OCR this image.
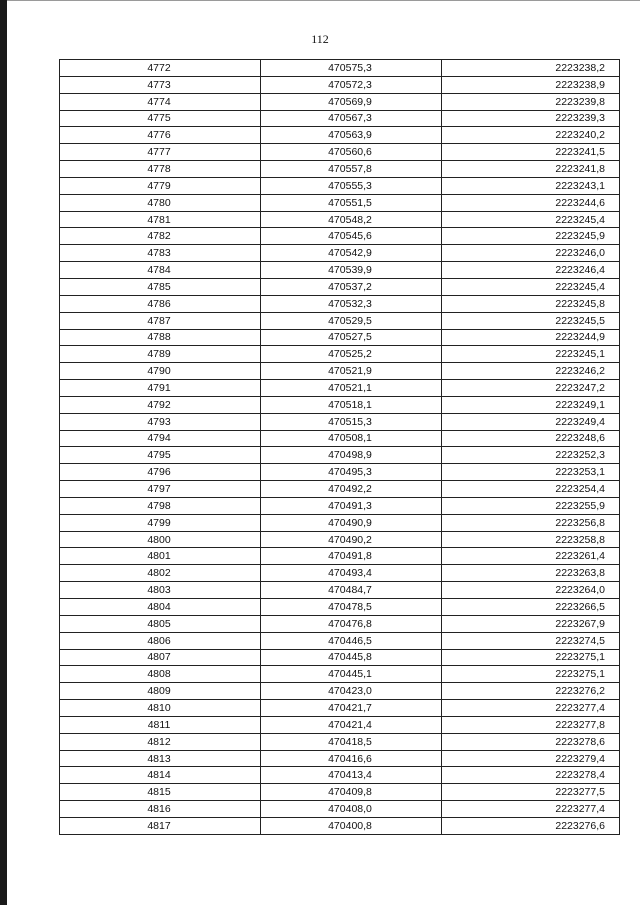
112
4772	470575,3	2223238,2
4773	470572,3	2223238,9
4774	470569,9	2223239,8
4775	470567,3	2223239,3
4776	470563,9	2223240,2
4777	470560,6	2223241,5
4778	470557,8	2223241,8
4779	470555,3	2223243,1
4780	470551,5	2223244,6
4781	470548,2	2223245,4
4782	470545,6	2223245,9
4783	470542,9	2223246,0
4784	470539,9	2223246,4
4785	470537,2	2223245,4
4786	470532,3	2223245,8
4787	470529,5	2223245,5
4788	470527,5	2223244,9
4789	470525,2	2223245,1
4790	470521,9	2223246,2
4791	470521,1	2223247,2
4792	470518,1	2223249,1
4793	470515,3	2223249,4
4794	470508,1	2223248,6
4795	470498,9	2223252,3
4796	470495,3	2223253,1
4797	470492,2	2223254,4
4798	470491,3	2223255,9
4799	470490,9	2223256,8
4800	470490,2	2223258,8
4801	470491,8	2223261,4
4802	470493,4	2223263,8
4803	470484,7	2223264,0
4804	470478,5	2223266,5
4805	470476,8	2223267,9
4806	470446,5	2223274,5
4807	470445,8	2223275,1
4808	470445,1	2223275,1
4809	470423,0	2223276,2
4810	470421,7	2223277,4
4811	470421,4	2223277,8
4812	470418,5	2223278,6
4813	470416,6	2223279,4
4814	470413,4	2223278,4
4815	470409,8	2223277,5
4816	470408,0	2223277,4
4817	470400,8	2223276,6
